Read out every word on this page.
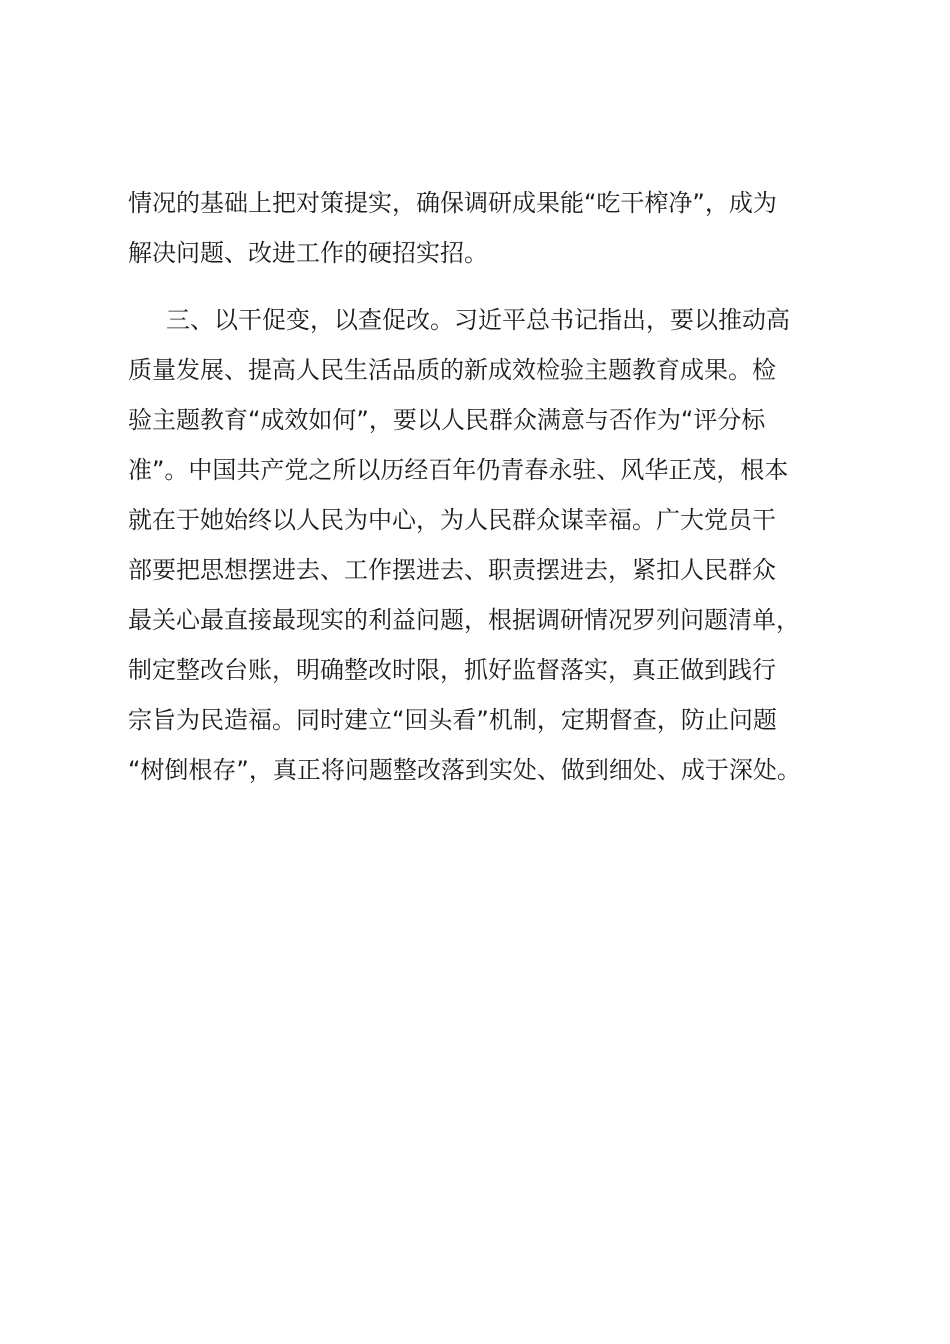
情况的基础上把对策提实，确保调研成果能“吃干榨净”，成为
解决问题、改进工作的硬招实招。
三、以干促变，以查促改。习近平总书记指出，要以推动高
质量发展、提高人民生活品质的新成效检验主题教育成果。检
验主题教育“成效如何”，要以人民群众满意与否作为“评分标
准”。中国共产党之所以历经百年仍青春永驻、风华正茂，根本
就在于她始终以人民为中心，为人民群众谋幸福。广大党员干
部要把思想摆进去、工作摆进去、职责摆进去，紧扣人民群众
最关心最直接最现实的利益问题，根据调研情况罗列问题清单，
制定整改台账，明确整改时限，抓好监督落实，真正做到践行
宗旨为民造福。同时建立“回头看”机制，定期督查，防止问题
“树倒根存”，真正将问题整改落到实处、做到细处、成于深处。
